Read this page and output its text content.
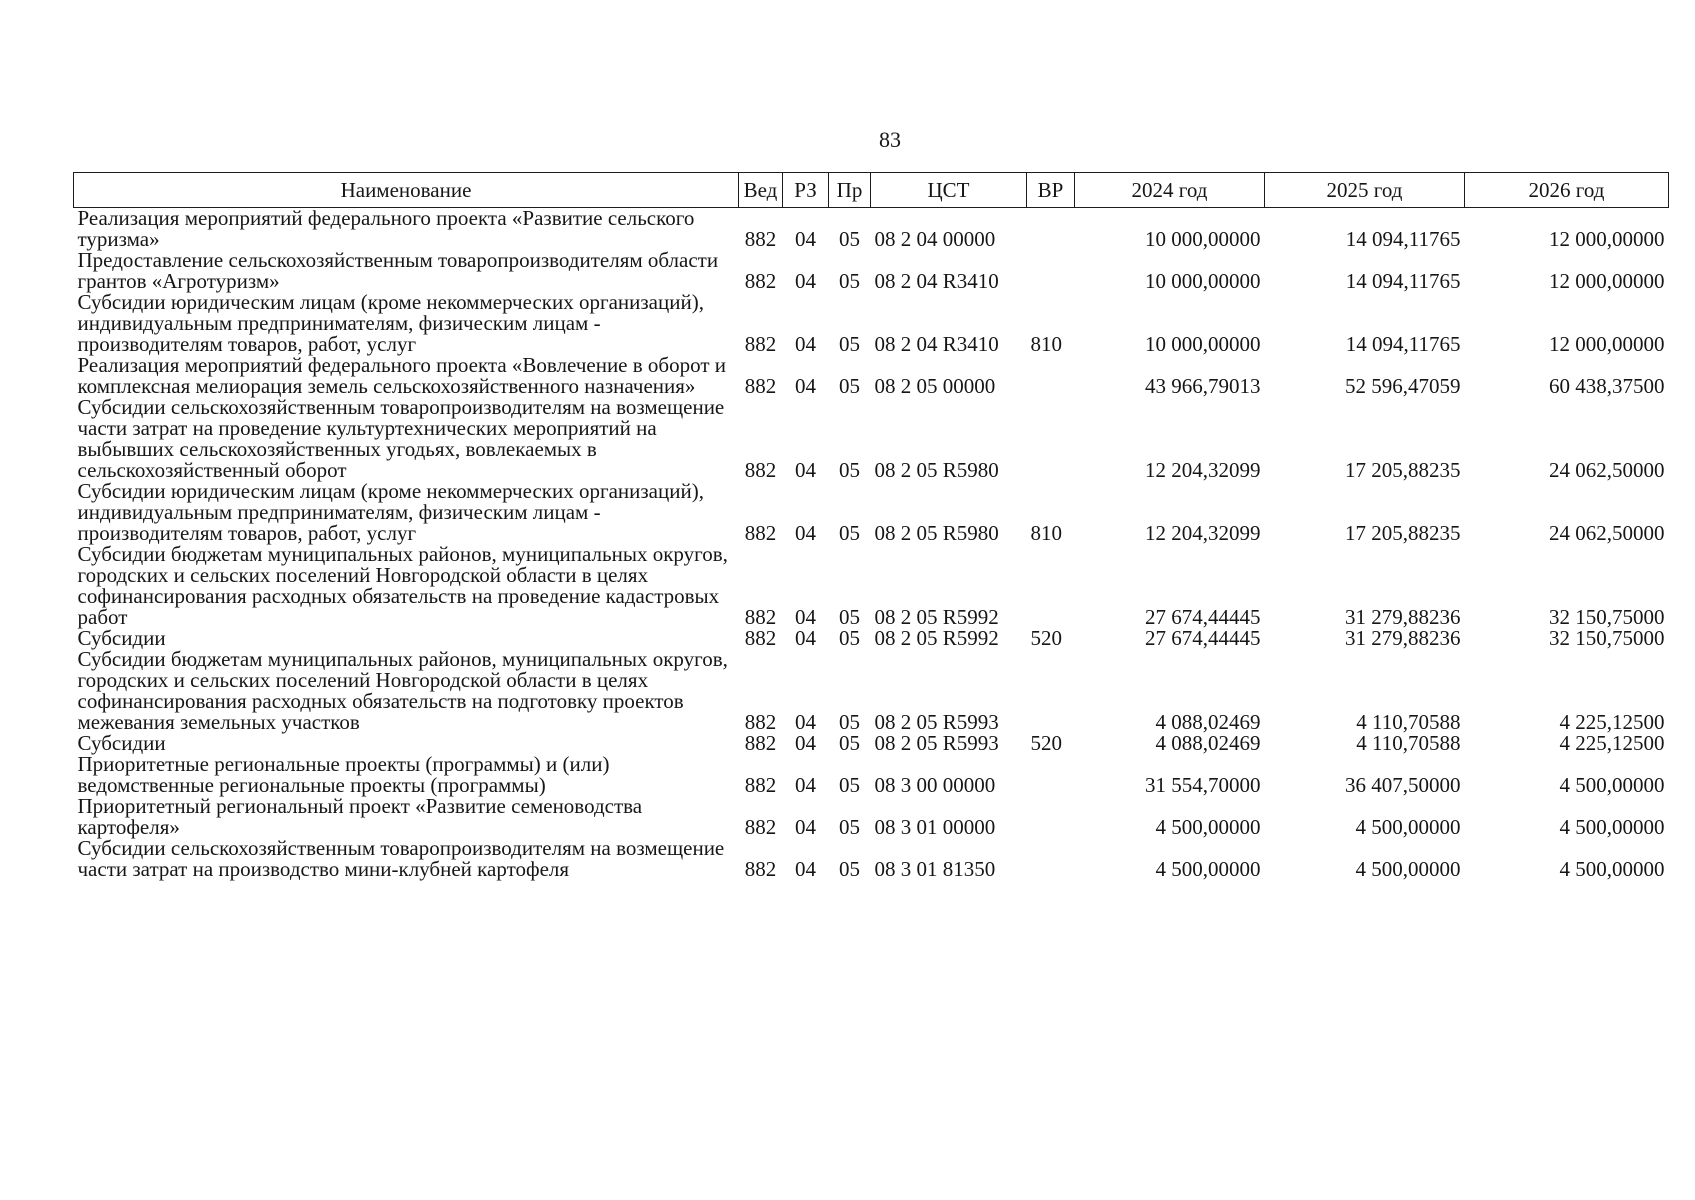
83
Наименование	Вед	РЗ	Пр	ЦСТ	ВР	2024 год	2025 год	2026 год
Реализация мероприятий федерального проекта «Развитие сельского туризма»	882	04	05	08 2 04 00000		10 000,00000	14 094,11765	12 000,00000
Предоставление сельскохозяйственным товаропроизводителям области грантов «Агротуризм»	882	04	05	08 2 04 R3410		10 000,00000	14 094,11765	12 000,00000
Субсидии юридическим лицам (кроме некоммерческих организаций), индивидуальным предпринимателям, физическим лицам - производителям товаров, работ, услуг	882	04	05	08 2 04 R3410	810	10 000,00000	14 094,11765	12 000,00000
Реализация мероприятий федерального проекта «Вовлечение в оборот и комплексная мелиорация земель сельскохозяйственного назначения»	882	04	05	08 2 05 00000		43 966,79013	52 596,47059	60 438,37500
Субсидии сельскохозяйственным товаропроизводителям на возмещение части затрат на проведение культуртехнических мероприятий на выбывших сельскохозяйственных угодьях, вовлекаемых в сельскохозяйственный оборот	882	04	05	08 2 05 R5980		12 204,32099	17 205,88235	24 062,50000
Субсидии юридическим лицам (кроме некоммерческих организаций), индивидуальным предпринимателям, физическим лицам - производителям товаров, работ, услуг	882	04	05	08 2 05 R5980	810	12 204,32099	17 205,88235	24 062,50000
Субсидии бюджетам муниципальных районов, муниципальных округов, городских и сельских поселений Новгородской области в целях софинансирования расходных обязательств на проведение кадастровых работ	882	04	05	08 2 05 R5992		27 674,44445	31 279,88236	32 150,75000
Субсидии	882	04	05	08 2 05 R5992	520	27 674,44445	31 279,88236	32 150,75000
Субсидии бюджетам муниципальных районов, муниципальных округов, городских и сельских поселений Новгородской области в целях софинансирования расходных обязательств на подготовку проектов межевания земельных участков	882	04	05	08 2 05 R5993		4 088,02469	4 110,70588	4 225,12500
Субсидии	882	04	05	08 2 05 R5993	520	4 088,02469	4 110,70588	4 225,12500
Приоритетные региональные проекты (программы) и (или) ведомственные региональные проекты (программы)	882	04	05	08 3 00 00000		31 554,70000	36 407,50000	4 500,00000
Приоритетный региональный проект «Развитие семеноводства картофеля»	882	04	05	08 3 01 00000		4 500,00000	4 500,00000	4 500,00000
Субсидии сельскохозяйственным товаропроизводителям на возмещение части затрат на производство мини-клубней картофеля	882	04	05	08 3 01 81350		4 500,00000	4 500,00000	4 500,00000
